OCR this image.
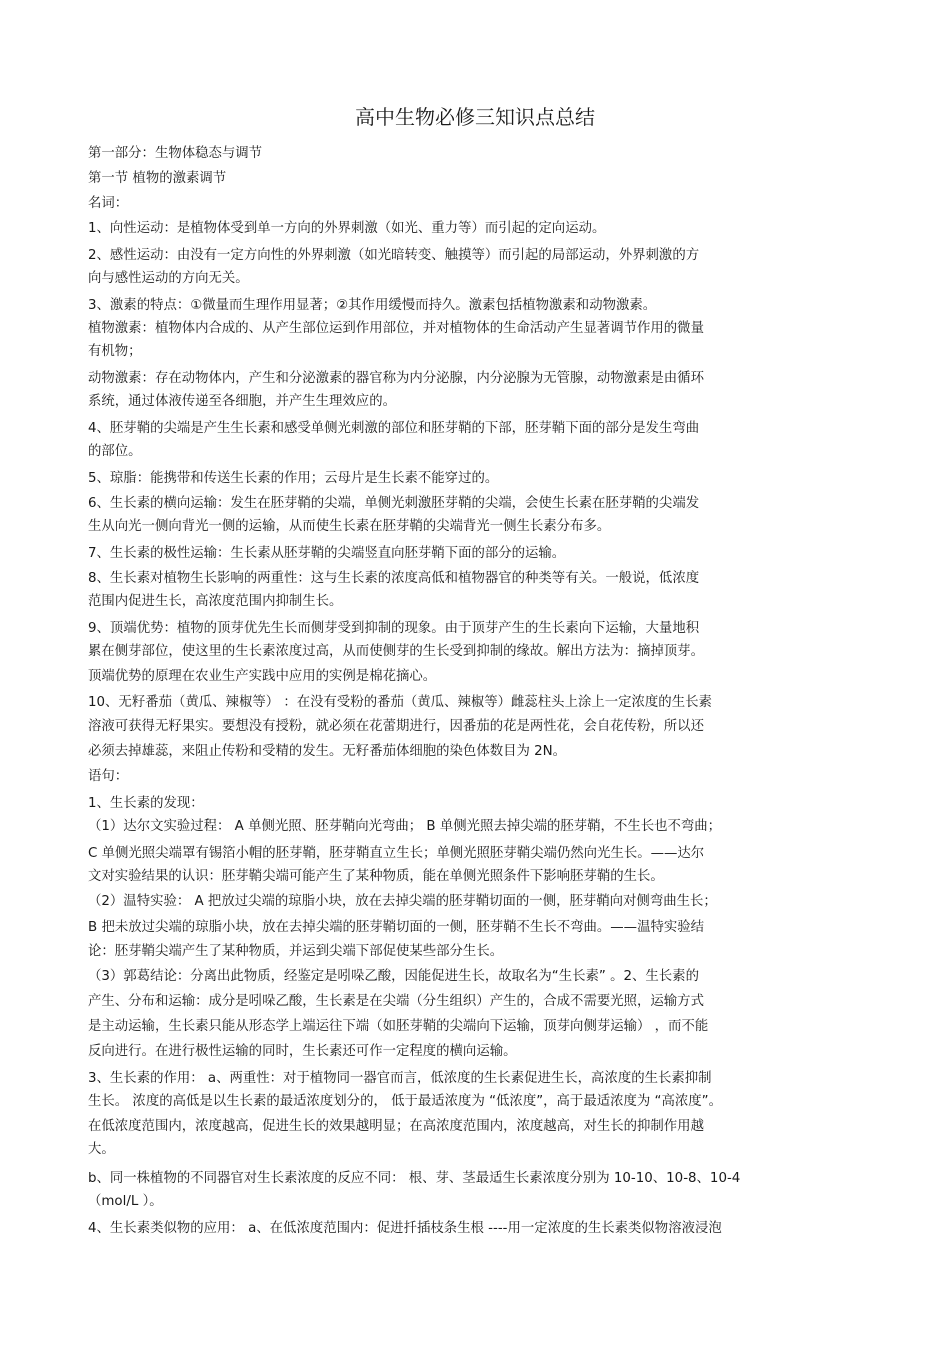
高中生物必修三知识点总结
第一部分：生物体稳态与调节
第一节 植物的激素调节
名词：
1、向性运动：是植物体受到单一方向的外界刺激（如光、重力等）而引起的定向运动。
2、感性运动：由没有一定方向性的外界刺激（如光暗转变、触摸等）而引起的局部运动，外界刺激的方
向与感性运动的方向无关。
3、激素的特点：①微量而生理作用显著；②其作用缓慢而持久。激素包括植物激素和动物激素。
植物激素：植物体内合成的、从产生部位运到作用部位，并对植物体的生命活动产生显著调节作用的微量
有机物；
动物激素：存在动物体内，产生和分泌激素的器官称为内分泌腺，内分泌腺为无管腺，动物激素是由循环
系统，通过体液传递至各细胞，并产生生理效应的。
4、胚芽鞘的尖端是产生生长素和感受单侧光刺激的部位和胚芽鞘的下部，胚芽鞘下面的部分是发生弯曲
的部位。
5、琼脂：能携带和传送生长素的作用；云母片是生长素不能穿过的。
6、生长素的横向运输：发生在胚芽鞘的尖端，单侧光刺激胚芽鞘的尖端，会使生长素在胚芽鞘的尖端发
生从向光一侧向背光一侧的运输，从而使生长素在胚芽鞘的尖端背光一侧生长素分布多。
7、生长素的极性运输：生长素从胚芽鞘的尖端竖直向胚芽鞘下面的部分的运输。
8、生长素对植物生长影响的两重性：这与生长素的浓度高低和植物器官的种类等有关。一般说，低浓度
范围内促进生长，高浓度范围内抑制生长。
9、顶端优势：植物的顶芽优先生长而侧芽受到抑制的现象。由于顶芽产生的生长素向下运输，大量地积
累在侧芽部位，使这里的生长素浓度过高，从而使侧芽的生长受到抑制的缘故。解出方法为：摘掉顶芽。
顶端优势的原理在农业生产实践中应用的实例是棉花摘心。
10、无籽番茄（黄瓜、辣椒等） ：在没有受粉的番茄（黄瓜、辣椒等）雌蕊柱头上涂上一定浓度的生长素
溶液可获得无籽果实。要想没有授粉，就必须在花蕾期进行，因番茄的花是两性花，会自花传粉，所以还
必须去掉雄蕊，来阻止传粉和受精的发生。无籽番茄体细胞的染色体数目为 2N。
语句：
1、生长素的发现：
（1）达尔文实验过程： A 单侧光照、胚芽鞘向光弯曲； B 单侧光照去掉尖端的胚芽鞘，不生长也不弯曲；
C 单侧光照尖端罩有锡箔小帽的胚芽鞘，胚芽鞘直立生长；单侧光照胚芽鞘尖端仍然向光生长。——达尔
文对实验结果的认识：胚芽鞘尖端可能产生了某种物质，能在单侧光照条件下影响胚芽鞘的生长。
（2）温特实验： A 把放过尖端的琼脂小块，放在去掉尖端的胚芽鞘切面的一侧，胚芽鞘向对侧弯曲生长；
B 把未放过尖端的琼脂小块，放在去掉尖端的胚芽鞘切面的一侧，胚芽鞘不生长不弯曲。——温特实验结
论：胚芽鞘尖端产生了某种物质，并运到尖端下部促使某些部分生长。
（3）郭葛结论：分离出此物质，经鉴定是吲哚乙酸，因能促进生长，故取名为“生长素” 。2、生长素的
产生、分布和运输：成分是吲哚乙酸，生长素是在尖端（分生组织）产生的，合成不需要光照，运输方式
是主动运输，生长素只能从形态学上端运往下端（如胚芽鞘的尖端向下运输，顶芽向侧芽运输） ，而不能
反向进行。在进行极性运输的同时，生长素还可作一定程度的横向运输。
3、生长素的作用： a、两重性：对于植物同一器官而言，低浓度的生长素促进生长，高浓度的生长素抑制
生长。 浓度的高低是以生长素的最适浓度划分的， 低于最适浓度为 “低浓度”，高于最适浓度为 “高浓度”。
在低浓度范围内，浓度越高，促进生长的效果越明显；在高浓度范围内，浓度越高，对生长的抑制作用越
大。
b、同一株植物的不同器官对生长素浓度的反应不同： 根、芽、茎最适生长素浓度分别为 10-10、10-8、10-4
（mol/L ）。
4、生长素类似物的应用： a、在低浓度范围内：促进扦插枝条生根 ----用一定浓度的生长素类似物溶液浸泡
